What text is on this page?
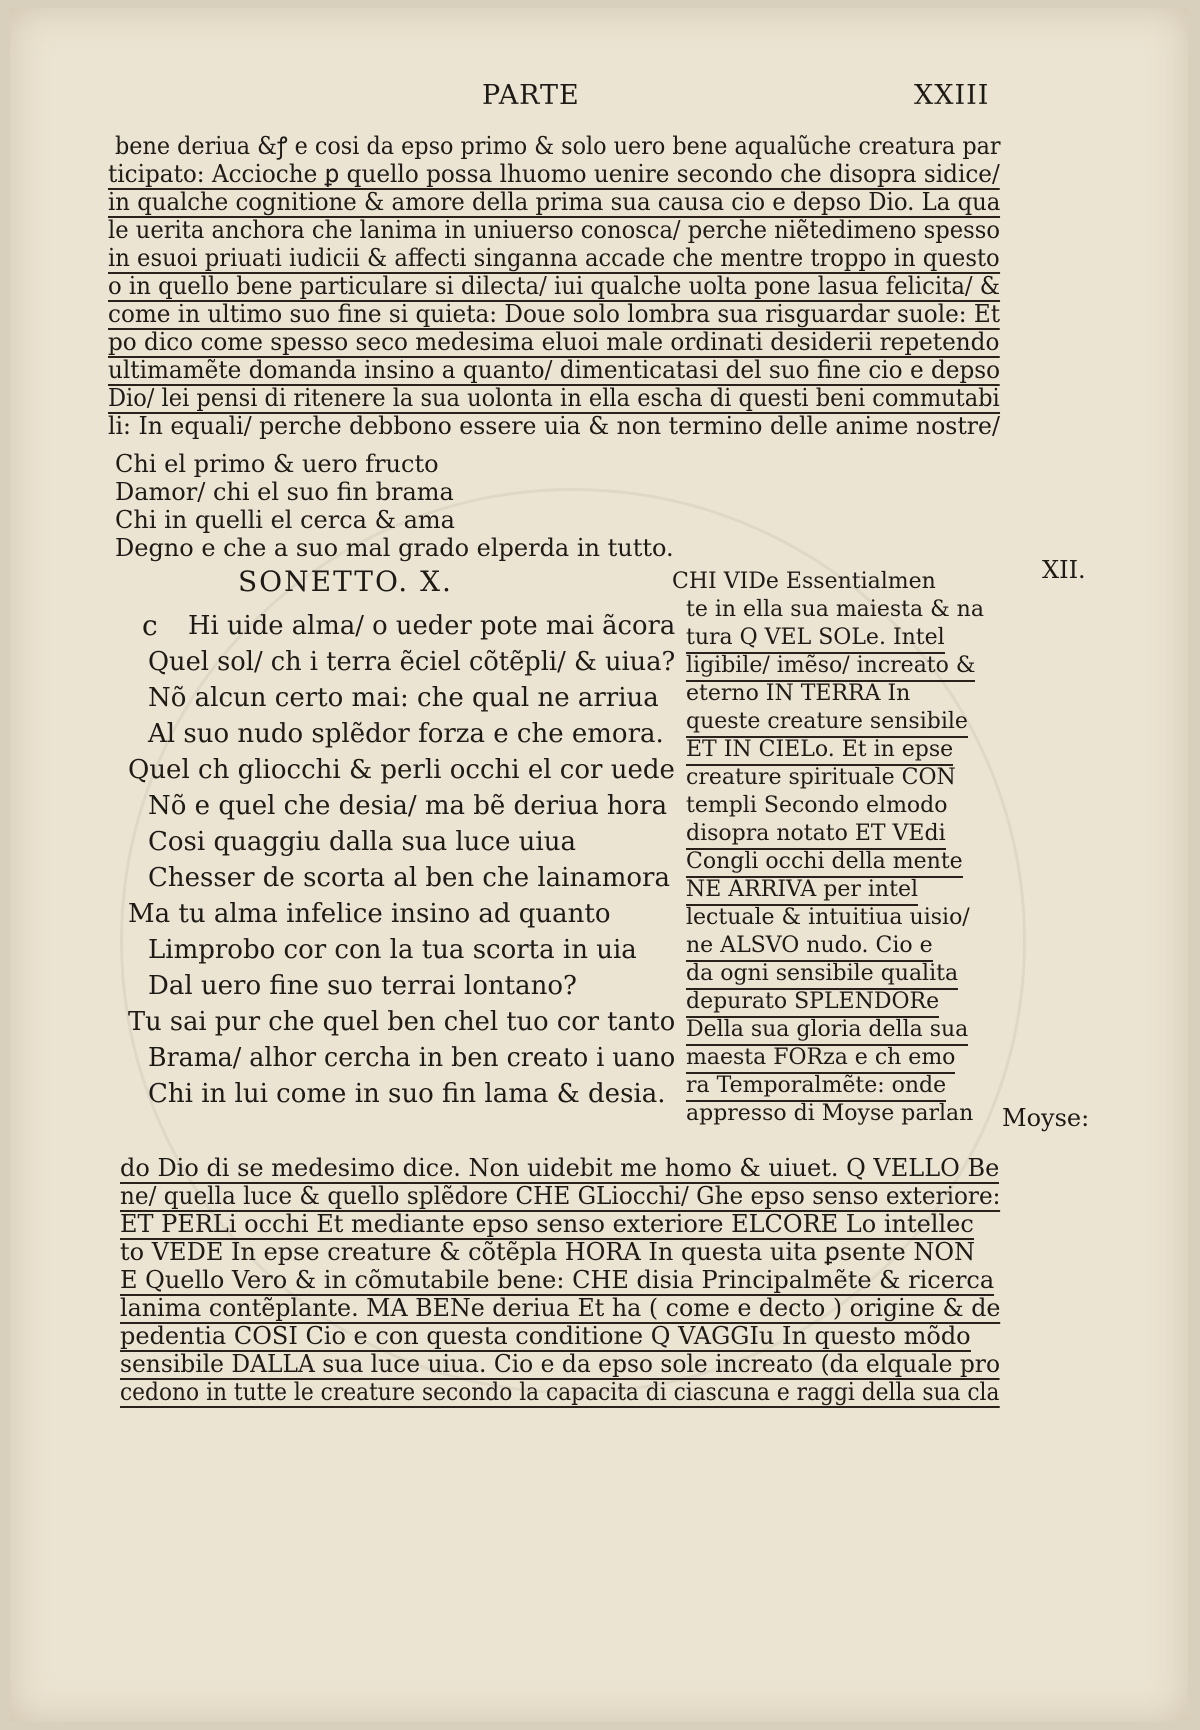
PARTE	XXIII
bene deriua &ꝭ e cosi da epso primo & solo uero bene aqualũche creatura par
ticipato: Accioche ꝑ quello possa lhuomo uenire secondo che disopra sidice/
in qualche cognitione & amore della prima sua causa cio e depso Dio. La qua
le uerita anchora che lanima in uniuerso conosca/ perche niẽtedimeno spesso
in esuoi priuati iudicii & affecti singanna accade che mentre troppo in questo
o in quello bene particulare si dilecta/ iui qualche uolta pone lasua felicita/ &
come in ultimo suo fine si quieta: Doue solo lombra sua risguardar suole: Et
po dico come spesso seco medesima eluoi male ordinati desiderii repetendo
ultimamẽte domanda insino a quanto/ dimenticatasi del suo fine cio e depso
Dio/ lei pensi di ritenere la sua uolonta in ella escha di questi beni commutabi
li: In equali/ perche debbono essere uia & non termino delle anime nostre/
Chi el primo & uero fructo
Damor/ chi el suo fin brama
Chi in quelli el cerca & ama
Degno e che a suo mal grado elperda in tutto.
SONETTO. X.
c Hi uide alma/ o ueder pote mai ãcora
Quel sol/ ch i terra ẽciel cõtẽpli/ & uiua?
Nõ alcun certo mai: che qual ne arriua
Al suo nudo splẽdor forza e che emora.
Quel ch gliocchi & perli occhi el cor uede
Nõ e quel che desia/ ma bẽ deriua hora
Cosi quaggiu dalla sua luce uiua
Chesser de scorta al ben che lainamora
Ma tu alma infelice insino ad quanto
Limprobo cor con la tua scorta in uia
Dal uero fine suo terrai lontano?
Tu sai pur che quel ben chel tuo cor tanto
Brama/ alhor cercha in ben creato i uano
Chi in lui come in suo fin lama & desia.
CHI VIDe Essentialmen
te in ella sua maiesta & na
tura Q VEL SOLe. Intel
ligibile/ imẽso/ increato &
eterno IN TERRA In
queste creature sensibile
ET IN CIELo. Et in epse
creature spirituale CON
templi Secondo elmodo
disopra notato ET VEdi
Congli occhi della mente
NE ARRIVA per intel
lectuale & intuitiua uisio/
ne ALSVO nudo. Cio e
da ogni sensibile qualita
depurato SPLENDORe
Della sua gloria della sua
maesta FORza e ch emo
ra Temporalmẽte: onde
appresso di Moyse parlan
XII.
Moyse:
do Dio di se medesimo dice. Non uidebit me homo & uiuet. Q VELLO Be
ne/ quella luce & quello splẽdore CHE GLiocchi/ Ghe epso senso exteriore:
ET PERLi occhi Et mediante epso senso exteriore ELCORE Lo intellec
to VEDE In epse creature & cõtẽpla HORA In questa uita ꝑsente NON
E Quello Vero & in cõmutabile bene: CHE disia Principalmẽte & ricerca
lanima contẽplante. MA BENe deriua Et ha ( come e decto ) origine & de
pedentia COSI Cio e con questa conditione Q VAGGIu In questo mõdo
sensibile DALLA sua luce uiua. Cio e da epso sole increato (da elquale pro
cedono in tutte le creature secondo la capacita di ciascuna e raggi della sua cla
